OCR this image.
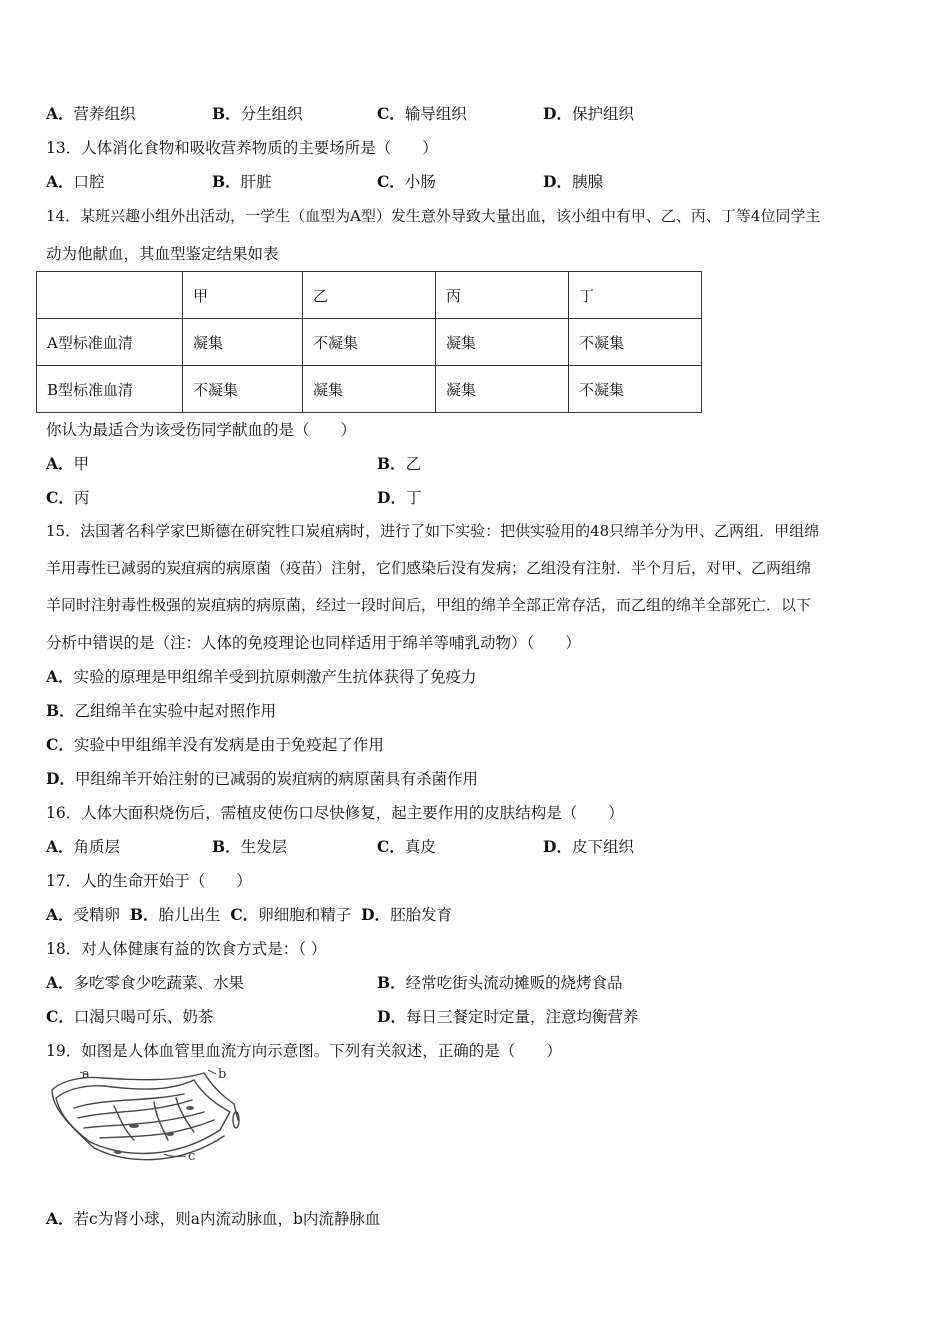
A．营养组织	B．分生组织	C．输导组织	D．保护组织
13．人体消化食物和吸收营养物质的主要场所是（　　）
A．口腔	B．肝脏	C．小肠	D．胰腺
14．某班兴趣小组外出活动，一学生（血型为A型）发生意外导致大量出血，该小组中有甲、乙、丙、丁等4位同学主
动为他献血，其血型鉴定结果如表
	甲	乙	丙	丁
A型标准血清	凝集	不凝集	凝集	不凝集
B型标准血清	不凝集	凝集	凝集	不凝集
你认为最适合为该受伤同学献血的是（　　）
A．甲	B．乙
C．丙	D．丁
15．法国著名科学家巴斯德在研究牲口炭疽病时，进行了如下实验：把供实验用的48只绵羊分为甲、乙两组．甲组绵
羊用毒性已减弱的炭疽病的病原菌（疫苗）注射，它们感染后没有发病；乙组没有注射．半个月后，对甲、乙两组绵
羊同时注射毒性极强的炭疽病的病原菌，经过一段时间后，甲组的绵羊全部正常存活，而乙组的绵羊全部死亡．以下
分析中错误的是（注：人体的免疫理论也同样适用于绵羊等哺乳动物）（　　）
A．实验的原理是甲组绵羊受到抗原刺激产生抗体获得了免疫力
B．乙组绵羊在实验中起对照作用
C．实验中甲组绵羊没有发病是由于免疫起了作用
D．甲组绵羊开始注射的已减弱的炭疽病的病原菌具有杀菌作用
16．人体大面积烧伤后，需植皮使伤口尽快修复，起主要作用的皮肤结构是（　　）
A．角质层	B．生发层	C．真皮	D．皮下组织
17．人的生命开始于（　　）
A．受精卵 B．胎儿出生 C．卵细胞和精子 D．胚胎发育
18．对人体健康有益的饮食方式是：（ ）
A．多吃零食少吃蔬菜、水果	B．经常吃街头流动摊贩的烧烤食品
C．口渴只喝可乐、奶茶	D．每日三餐定时定量，注意均衡营养
19．如图是人体血管里血流方向示意图。下列有关叙述，正确的是（　　）
a	b
c
A．若c为肾小球，则a内流动脉血，b内流静脉血
